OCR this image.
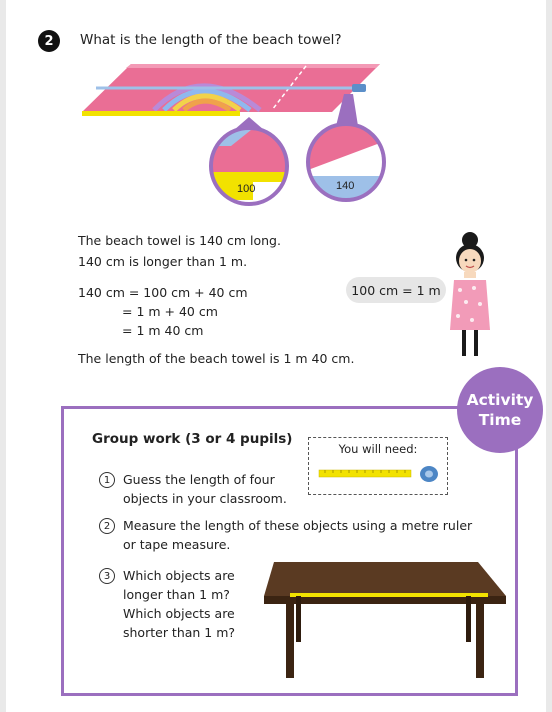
2	What is the length of the beach towel?
100	140
The beach towel is 140 cm long.
140 cm is longer than 1 m.
140 cm = 100 cm + 40 cm
= 1 m + 40 cm
= 1 m 40 cm
The length of the beach towel is 1 m 40 cm.
100 cm = 1 m
Activity
Time
Group work (3 or 4 pupils)
You will need:
1	Guess the length of four
objects in your classroom.
2	Measure the length of these objects using a metre ruler
or tape measure.
3	Which objects are
longer than 1 m?
Which objects are
shorter than 1 m?
